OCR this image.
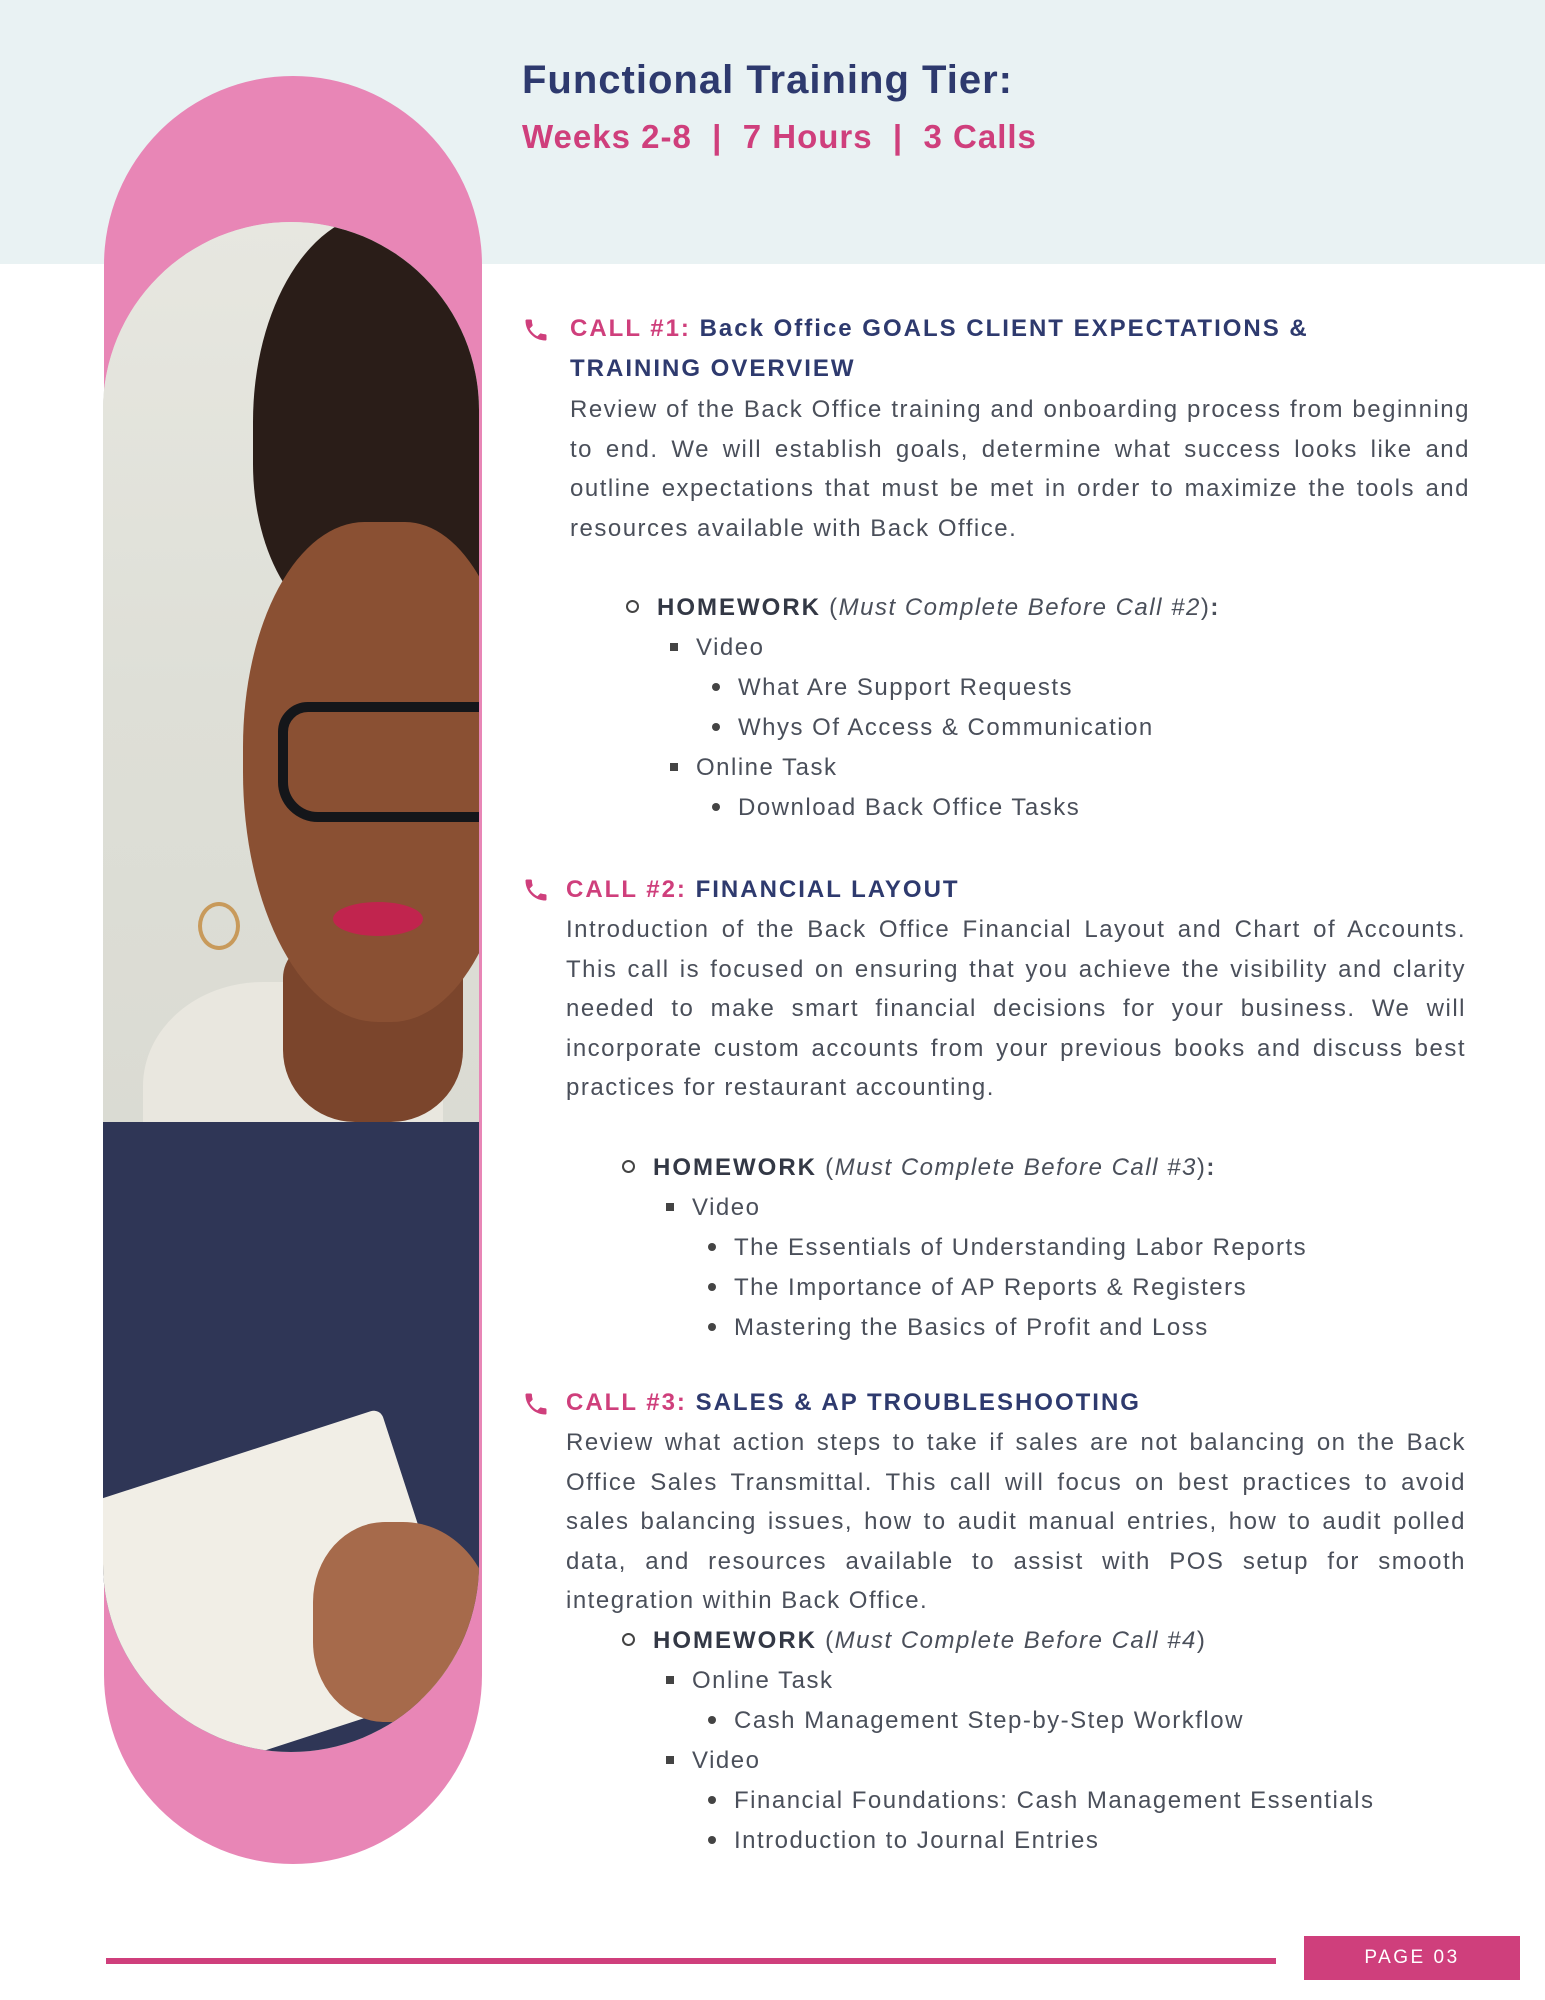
Functional Training Tier:
Weeks 2-8  |  7 Hours  |  3 Calls

CALL #1: Back Office GOALS CLIENT EXPECTATIONS &

TRAINING OVERVIEW

Review of the Back Office training and onboarding process from beginning to end. We will establish goals, determine what success looks like and outline expectations that must be met in order to maximize the tools and resources available with Back Office.

HOMEWORK (Must Complete Before Call #2):
Video
What Are Support Requests
Whys Of Access & Communication
Online Task
Download Back Office Tasks

CALL #2: FINANCIAL LAYOUT

Introduction of the Back Office Financial Layout and Chart of Accounts. This call is focused on ensuring that you achieve the visibility and clarity needed to make smart financial decisions for your business. We will incorporate custom accounts from your previous books and discuss best practices for restaurant accounting.

HOMEWORK (Must Complete Before Call #3):
Video
The Essentials of Understanding Labor Reports
The Importance of AP Reports & Registers
Mastering the Basics of Profit and Loss

CALL #3: SALES & AP TROUBLESHOOTING

Review what action steps to take if sales are not balancing on the Back Office Sales Transmittal. This call will focus on best practices to avoid sales balancing issues, how to audit manual entries, how to audit polled data, and resources available to assist with POS setup for smooth integration within Back Office.

HOMEWORK (Must Complete Before Call #4)
Online Task
Cash Management Step-by-Step Workflow
Video
Financial Foundations: Cash Management Essentials
Introduction to Journal Entries
PAGE 03
